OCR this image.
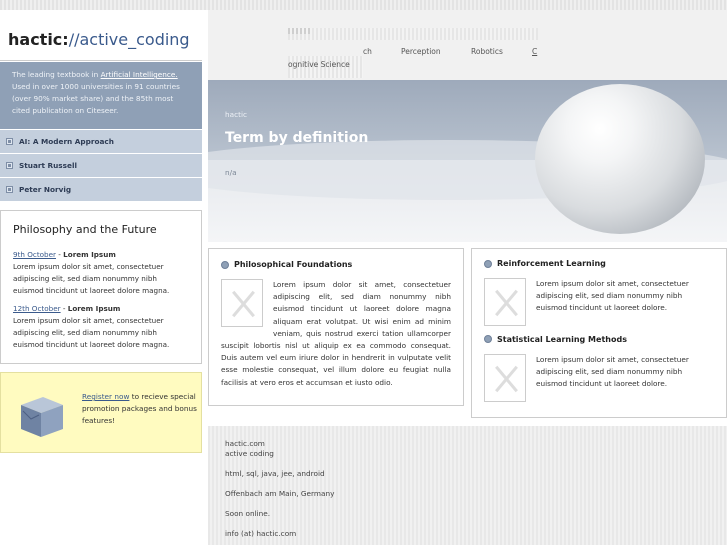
hactic://active_coding
ch	Perception	Robotics	C
ognitive Science
The leading textbook in Artificial Intelligence. Used in over 1000 universities in 91 countries (over 90% market share) and the 85th most cited publication on Citeseer.
AI: A Modern Approach
Stuart Russell
Peter Norvig
Philosophy and the Future
9th October - Lorem Ipsum
Lorem ipsum dolor sit amet, consectetuer adipiscing elit, sed diam nonummy nibh euismod tincidunt ut laoreet dolore magna.
12th October - Lorem Ipsum
Lorem ipsum dolor sit amet, consectetuer adipiscing elit, sed diam nonummy nibh euismod tincidunt ut laoreet dolore magna.
Register now to recieve special promotion packages and bonus features!
hactic
Term by definition
n/a
Philosophical Foundations

Lorem ipsum dolor sit amet, consectetuer adipiscing elit, sed diam nonummy nibh euismod tincidunt ut laoreet dolore magna aliquam erat volutpat. Ut wisi enim ad minim veniam, quis nostrud exerci tation ullamcorper suscipit lobortis nisl ut aliquip ex ea commodo consequat. Duis autem vel eum iriure dolor in hendrerit in vulputate velit esse molestie consequat, vel illum dolore eu feugiat nulla facilisis at vero eros et accumsan et iusto odio.

Reinforcement Learning

Lorem ipsum dolor sit amet, consectetuer adipiscing elit, sed diam nonummy nibh euismod tincidunt ut laoreet dolore.

Statistical Learning Methods

Lorem ipsum dolor sit amet, consectetuer adipiscing elit, sed diam nonummy nibh euismod tincidunt ut laoreet dolore.

hactic.com

active coding

html, sql, java, jee, android

Offenbach am Main, Germany

Soon online.

info (at) hactic.com
